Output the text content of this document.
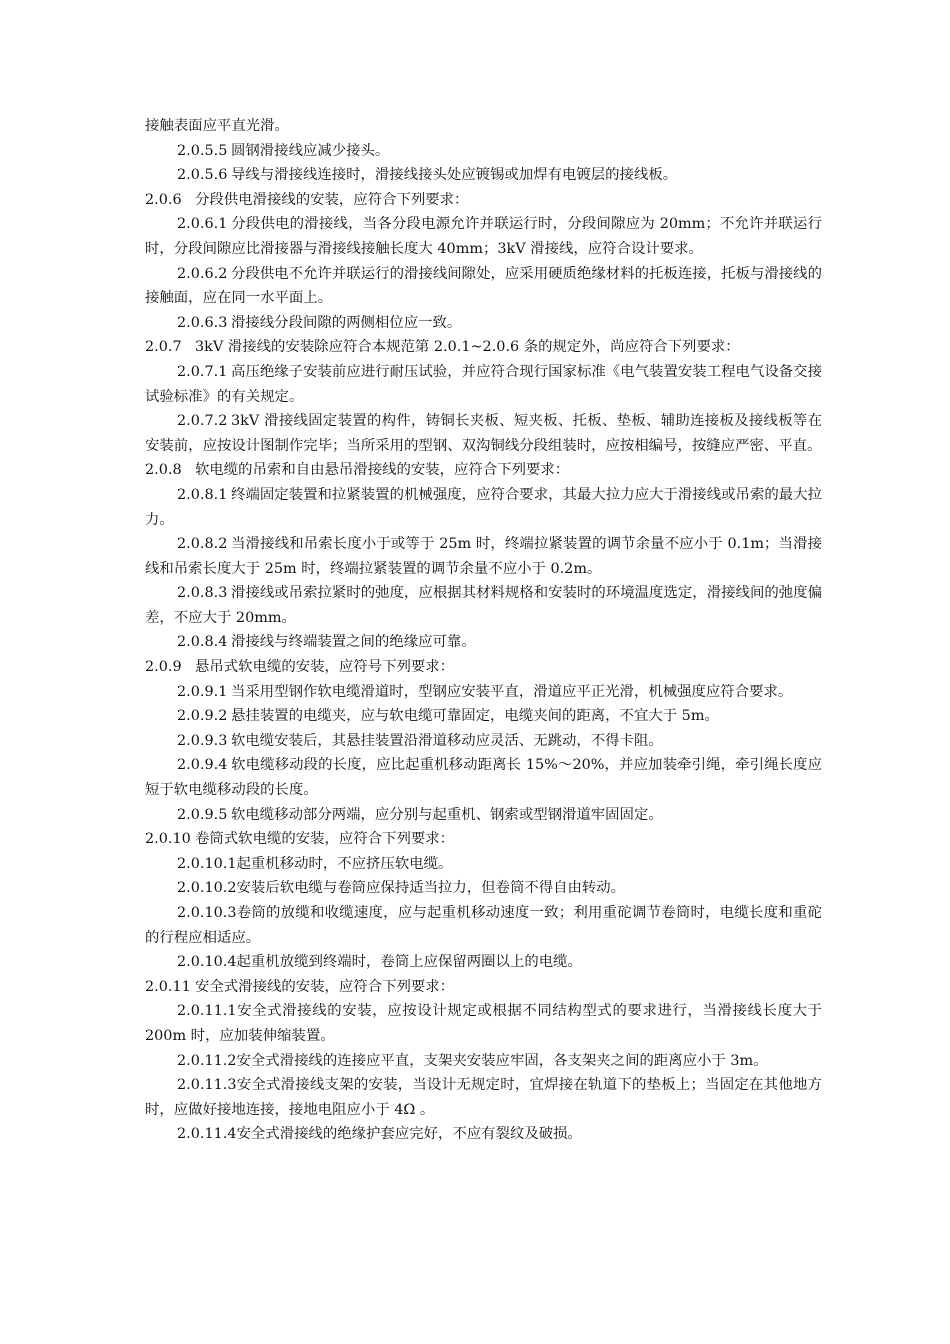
接触表面应平直光滑。
2.0.5.5 圆钢滑接线应减少接头。
2.0.5.6 导线与滑接线连接时，滑接线接头处应镀锡或加焊有电镀层的接线板。
2.0.6 分段供电滑接线的安装，应符合下列要求：
2.0.6.1 分段供电的滑接线，当各分段电源允许并联运行时，分段间隙应为 20mm；不允许并联运行时，分段间隙应比滑接器与滑接线接触长度大 40mm；3kV 滑接线，应符合设计要求。
2.0.6.2 分段供电不允许并联运行的滑接线间隙处，应采用硬质绝缘材料的托板连接，托板与滑接线的接触面，应在同一水平面上。
2.0.6.3 滑接线分段间隙的两侧相位应一致。
2.0.7 3kV 滑接线的安装除应符合本规范第 2.0.1~2.0.6 条的规定外，尚应符合下列要求：
2.0.7.1 高压绝缘子安装前应进行耐压试验，并应符合现行国家标准《电气装置安装工程电气设备交接试验标准》的有关规定。
2.0.7.2 3kV 滑接线固定装置的构件，铸铜长夹板、短夹板、托板、垫板、辅助连接板及接线板等在安装前，应按设计图制作完毕；当所采用的型钢、双沟铜线分段组装时，应按相编号，按缝应严密、平直。
2.0.8 软电缆的吊索和自由悬吊滑接线的安装，应符合下列要求：
2.0.8.1 终端固定装置和拉紧装置的机械强度，应符合要求，其最大拉力应大于滑接线或吊索的最大拉力。
2.0.8.2 当滑接线和吊索长度小于或等于 25m 时，终端拉紧装置的调节余量不应小于 0.1m；当滑接线和吊索长度大于 25m 时，终端拉紧装置的调节余量不应小于 0.2m。
2.0.8.3 滑接线或吊索拉紧时的弛度，应根据其材料规格和安装时的环境温度选定，滑接线间的弛度偏差，不应大于 20mm。
2.0.8.4 滑接线与终端装置之间的绝缘应可靠。
2.0.9 悬吊式软电缆的安装，应符号下列要求：
2.0.9.1 当采用型钢作软电缆滑道时，型钢应安装平直，滑道应平正光滑，机械强度应符合要求。
2.0.9.2 悬挂装置的电缆夹，应与软电缆可靠固定，电缆夹间的距离，不宜大于 5m。
2.0.9.3 软电缆安装后，其悬挂装置沿滑道移动应灵活、无跳动，不得卡阻。
2.0.9.4 软电缆移动段的长度，应比起重机移动距离长 15%～20%，并应加装牵引绳，牵引绳长度应短于软电缆移动段的长度。
2.0.9.5 软电缆移动部分两端，应分别与起重机、钢索或型钢滑道牢固固定。
2.0.10 卷筒式软电缆的安装，应符合下列要求：
2.0.10.1起重机移动时，不应挤压软电缆。
2.0.10.2安装后软电缆与卷筒应保持适当拉力，但卷筒不得自由转动。
2.0.10.3卷筒的放缆和收缆速度，应与起重机移动速度一致；利用重砣调节卷筒时，电缆长度和重砣的行程应相适应。
2.0.10.4起重机放缆到终端时，卷筒上应保留两圈以上的电缆。
2.0.11 安全式滑接线的安装，应符合下列要求：
2.0.11.1安全式滑接线的安装，应按设计规定或根据不同结构型式的要求进行，当滑接线长度大于 200m 时，应加装伸缩装置。
2.0.11.2安全式滑接线的连接应平直，支架夹安装应牢固，各支架夹之间的距离应小于 3m。
2.0.11.3安全式滑接线支架的安装，当设计无规定时，宜焊接在轨道下的垫板上；当固定在其他地方时，应做好接地连接，接地电阻应小于 4Ω 。
2.0.11.4安全式滑接线的绝缘护套应完好，不应有裂纹及破损。
